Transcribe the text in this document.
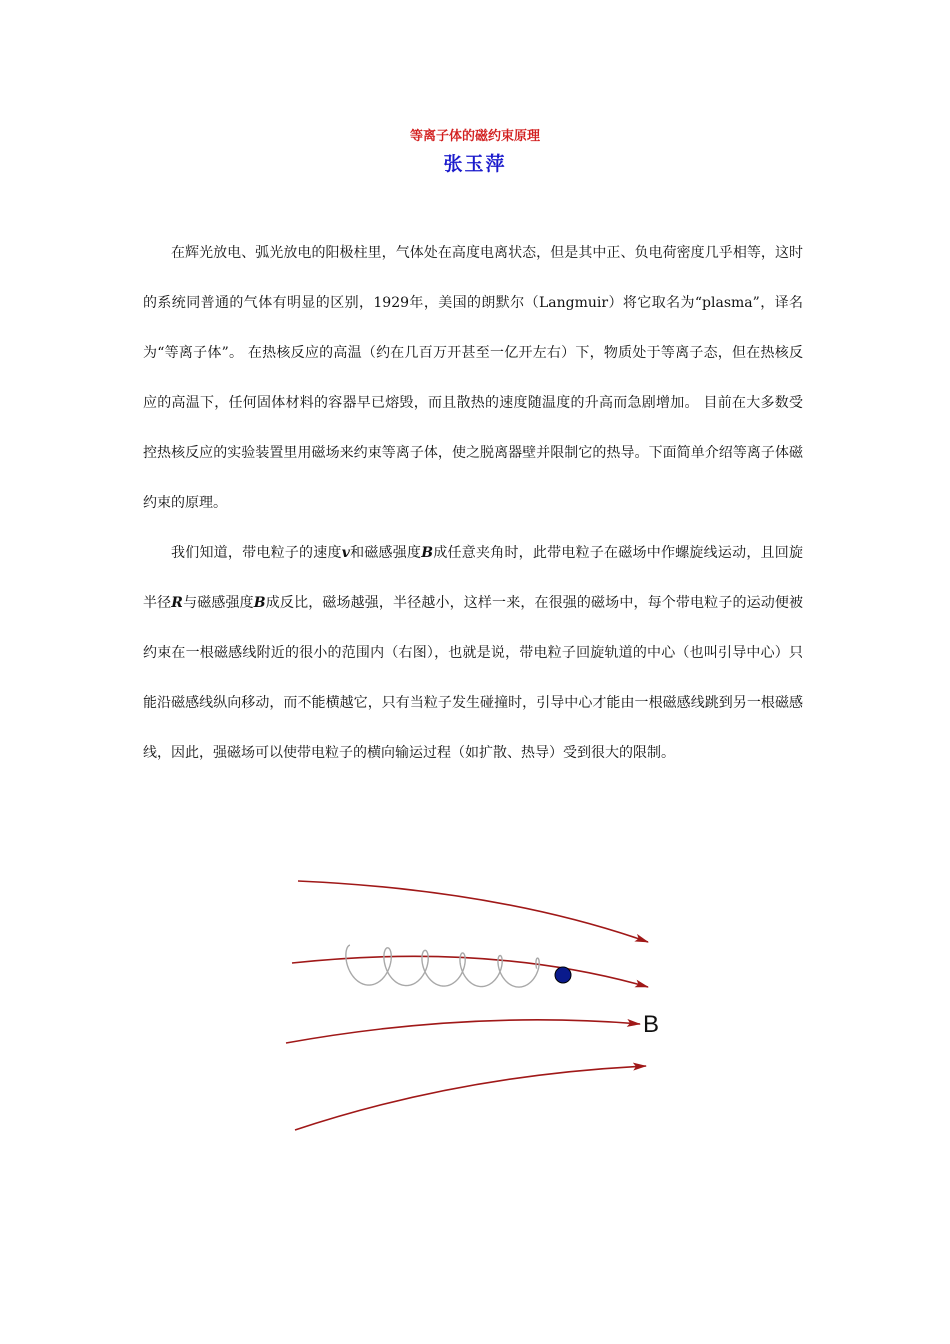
等离子体的磁约束原理
张玉萍

在辉光放电、弧光放电的阳极柱里，气体处在高度电离状态，但是其中正、负电荷密度几乎相等，这时的系统同普通的气体有明显的区别，1929年，美国的朗默尔（Langmuir）将它取名为“plasma”，译名为“等离子体”。 在热核反应的高温（约在几百万开甚至一亿开左右）下，物质处于等离子态，但在热核反应的高温下，任何固体材料的容器早已熔毁，而且散热的速度随温度的升高而急剧增加。 目前在大多数受控热核反应的实验装置里用磁场来约束等离子体，使之脱离器壁并限制它的热导。下面简单介绍等离子体磁约束的原理。

我们知道，带电粒子的速度v和磁感强度B成任意夹角时，此带电粒子在磁场中作螺旋线运动，且回旋半径R与磁感强度B成反比，磁场越强，半径越小，这样一来，在很强的磁场中，每个带电粒子的运动便被约束在一根磁感线附近的很小的范围内（右图），也就是说，带电粒子回旋轨道的中心（也叫引导中心）只能沿磁感线纵向移动，而不能横越它，只有当粒子发生碰撞时，引导中心才能由一根磁感线跳到另一根磁感线，因此，强磁场可以使带电粒子的横向输运过程（如扩散、热导）受到很大的限制。

B
